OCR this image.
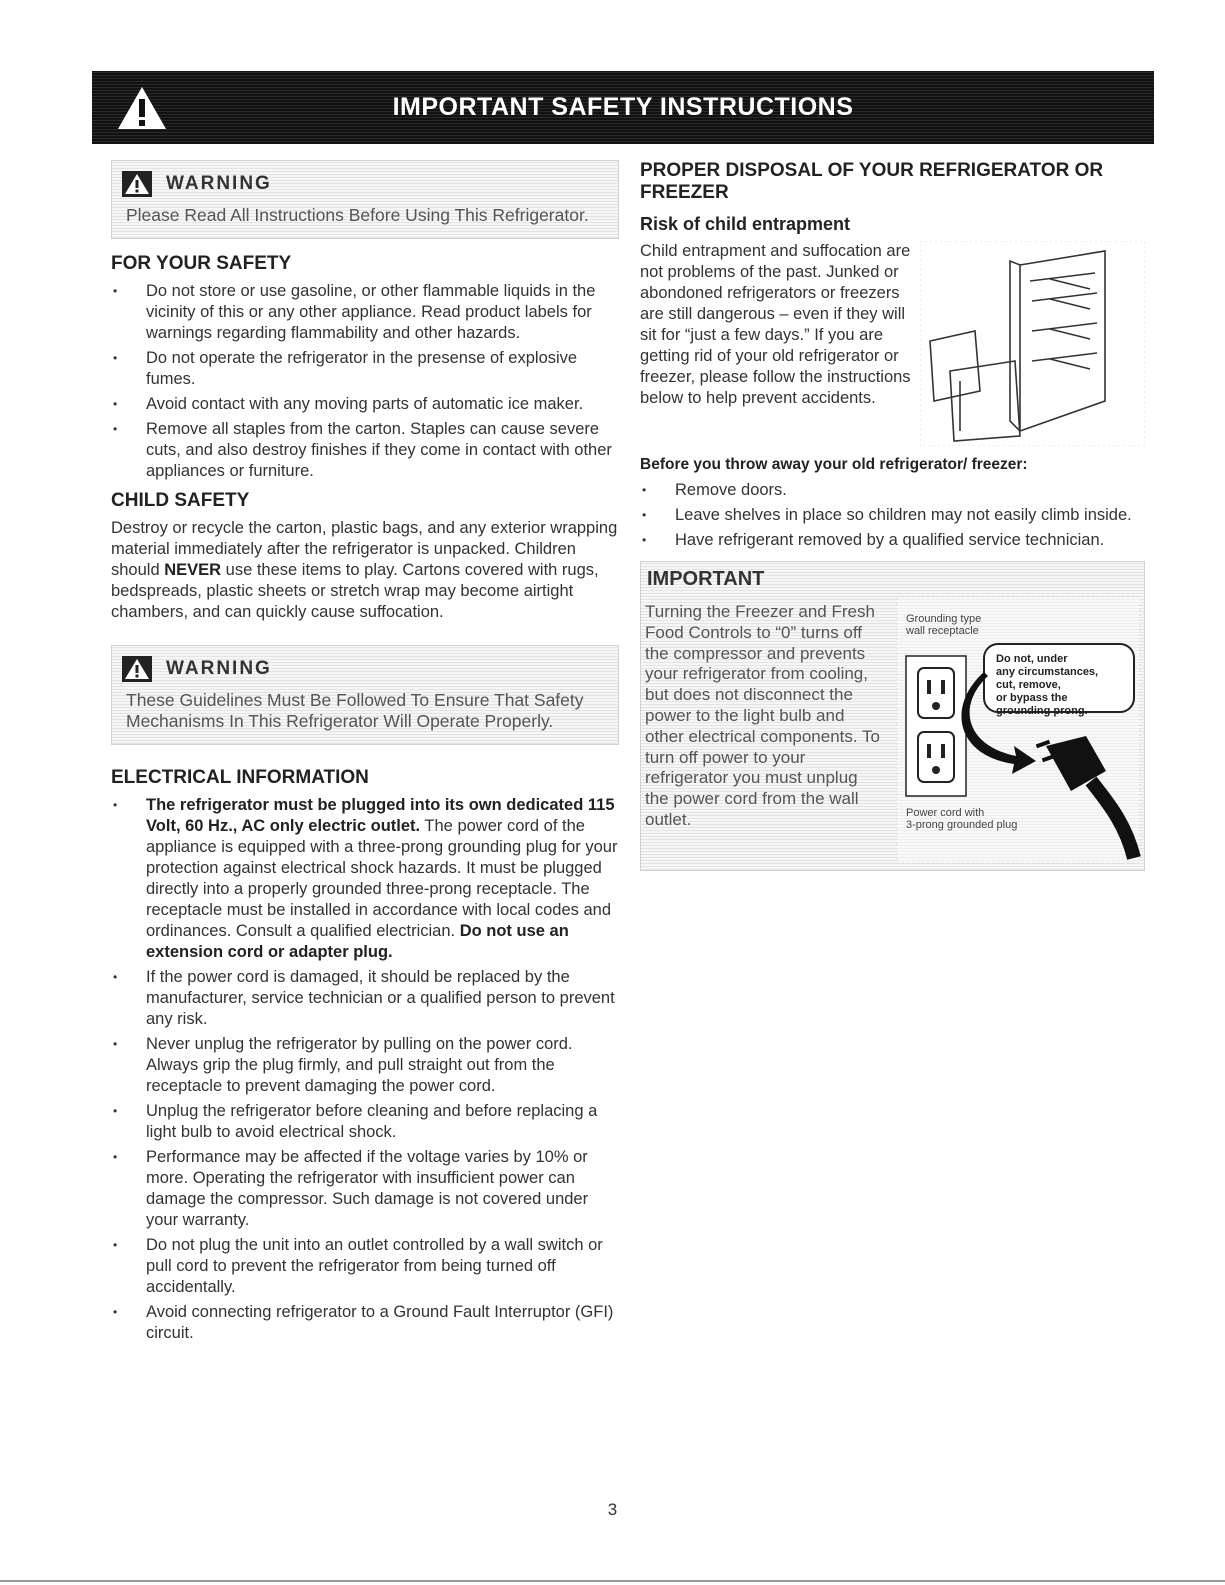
IMPORTANT SAFETY INSTRUCTIONS
WARNING
Please Read All Instructions Before Using This Refrigerator.
FOR YOUR SAFETY
• Do not store or use gasoline, or other flammable liquids in the vicinity of this or any other appliance. Read product labels for warnings regarding flammability and other hazards.
• Do not operate the refrigerator in the presense of explosive fumes.
• Avoid contact with any moving parts of automatic ice maker.
• Remove all staples from the carton. Staples can cause severe cuts, and also destroy finishes if they come in contact with other appliances or furniture.
CHILD SAFETY

Destroy or recycle the carton, plastic bags, and any exterior wrapping material immediately after the refrigerator is unpacked. Children should NEVER use these items to play. Cartons covered with rugs, bedspreads, plastic sheets or stretch wrap may become airtight chambers, and can quickly cause suffocation.

WARNING
These Guidelines Must Be Followed To Ensure That Safety Mechanisms In This Refrigerator Will Operate Properly.
ELECTRICAL INFORMATION
• The refrigerator must be plugged into its own dedicated 115 Volt, 60 Hz., AC only electric outlet. The power cord of the appliance is equipped with a three-prong grounding plug for your protection against electrical shock hazards. It must be plugged directly into a properly grounded three-prong receptacle. The receptacle must be installed in accordance with local codes and ordinances. Consult a qualified electrician. Do not use an extension cord or adapter plug.
• If the power cord is damaged, it should be replaced by the manufacturer, service technician or a qualified person to prevent any risk.
• Never unplug the refrigerator by pulling on the power cord. Always grip the plug firmly, and pull straight out from the receptacle to prevent damaging the power cord.
• Unplug the refrigerator before cleaning and before replacing a light bulb to avoid electrical shock.
• Performance may be affected if the voltage varies by 10% or more. Operating the refrigerator with insufficient power can damage the compressor. Such damage is not covered under your warranty.
• Do not plug the unit into an outlet controlled by a wall switch or pull cord to prevent the refrigerator from being turned off accidentally.
• Avoid connecting refrigerator to a Ground Fault Interruptor (GFI) circuit.
PROPER DISPOSAL OF YOUR REFRIGERATOR OR FREEZER
Risk of child entrapment

Child entrapment and suffocation are not problems of the past. Junked or abondoned refrigerators or freezers are still dangerous – even if they will sit for “just a few days.” If you are getting rid of your old refrigerator or freezer, please follow the instructions below to help prevent accidents.

Before you throw away your old refrigerator/ freezer:
• Remove doors.
• Leave shelves in place so children may not easily climb inside.
• Have refrigerant removed by a qualified service technician.
IMPORTANT
Turning the Freezer and Fresh Food Controls to “0” turns off the compressor and prevents your refrigerator from cooling, but does not disconnect the power to the light bulb and other electrical components. To turn off power to your refrigerator you must unplug the power cord from the wall outlet.
Grounding type
wall receptacle
Do not, under
any circumstances,
cut, remove,
or bypass the
grounding prong.
Power cord with
3-prong grounded plug
3
